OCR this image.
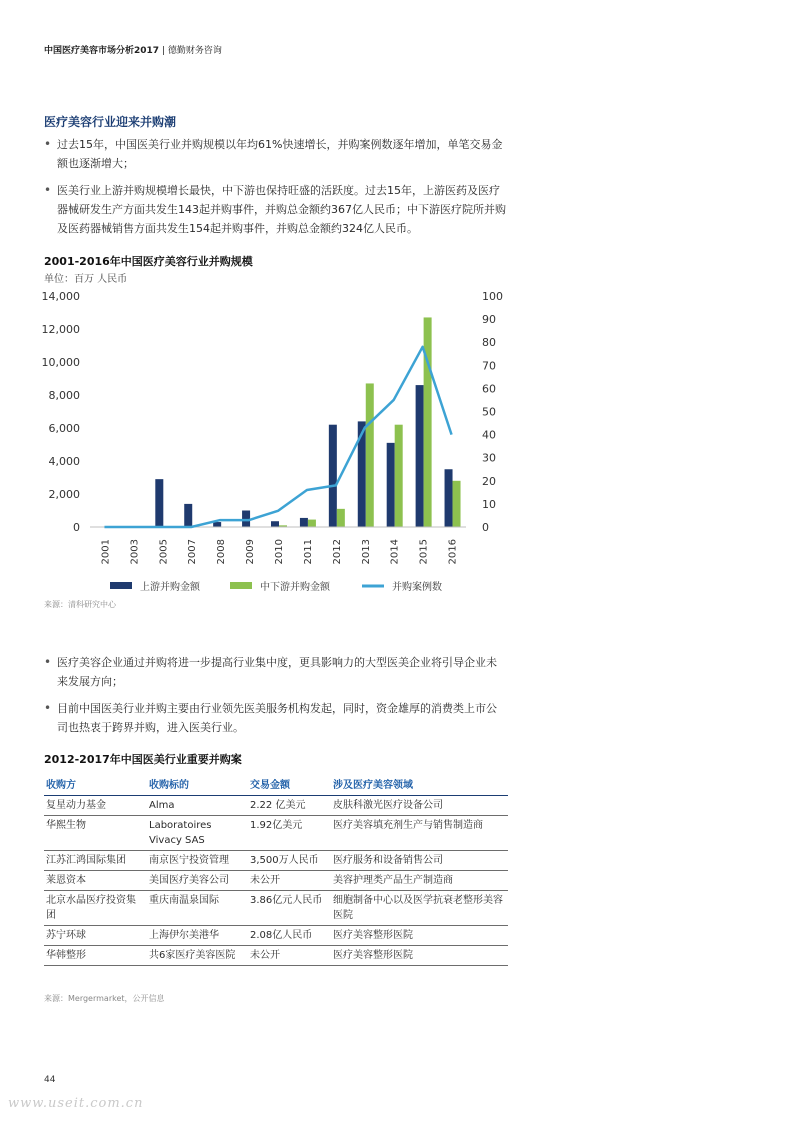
中国医疗美容市场分析2017 | 德勤财务咨询
医疗美容行业迎来并购潮
• 过去15年，中国医美行业并购规模以年均61%快速增长，并购案例数逐年增加，单笔交易金额也逐渐增大；
• 医美行业上游并购规模增长最快，中下游也保持旺盛的活跃度。过去15年，上游医药及医疗器械研发生产方面共发生143起并购事件，并购总金额约367亿人民币；中下游医疗院所并购及医药器械销售方面共发生154起并购事件，并购总金额约324亿人民币。
2001-2016年中国医疗美容行业并购规模
单位：百万 人民币
0
2,000
4,000
6,000
8,000
10,000
12,000
14,000
0
10
20
30
40
50
60
70
80
90
100
2001 2003 2005 2007 2008 2009 2010 2011 2012 2013 2014 2015 2016
上游并购金额	中下游并购金额	并购案例数
来源：清科研究中心
• 医疗美容企业通过并购将进一步提高行业集中度，更具影响力的大型医美企业将引导企业未来发展方向；
• 目前中国医美行业并购主要由行业领先医美服务机构发起，同时，资金雄厚的消费类上市公司也热衷于跨界并购，进入医美行业。
2012-2017年中国医美行业重要并购案
收购方	收购标的	交易金额	涉及医疗美容领域
复星动力基金	Alma	2.22 亿美元	皮肤科激光医疗设备公司
华熙生物	Laboratoires Vivacy SAS	1.92亿美元	医疗美容填充剂生产与销售制造商
江苏汇鸿国际集团	南京医宁投资管理	3,500万人民币	医疗服务和设备销售公司
莱恩资本	美国医疗美容公司	未公开	美容护理类产品生产制造商
北京水晶医疗投资集团	重庆南温泉国际	3.86亿元人民币	细胞制备中心以及医学抗衰老整形美容医院
苏宁环球	上海伊尔美港华	2.08亿人民币	医疗美容整形医院
华韩整形	共6家医疗美容医院	未公开	医疗美容整形医院
来源：Mergermarket，公开信息
44
www.useit.com.cn
